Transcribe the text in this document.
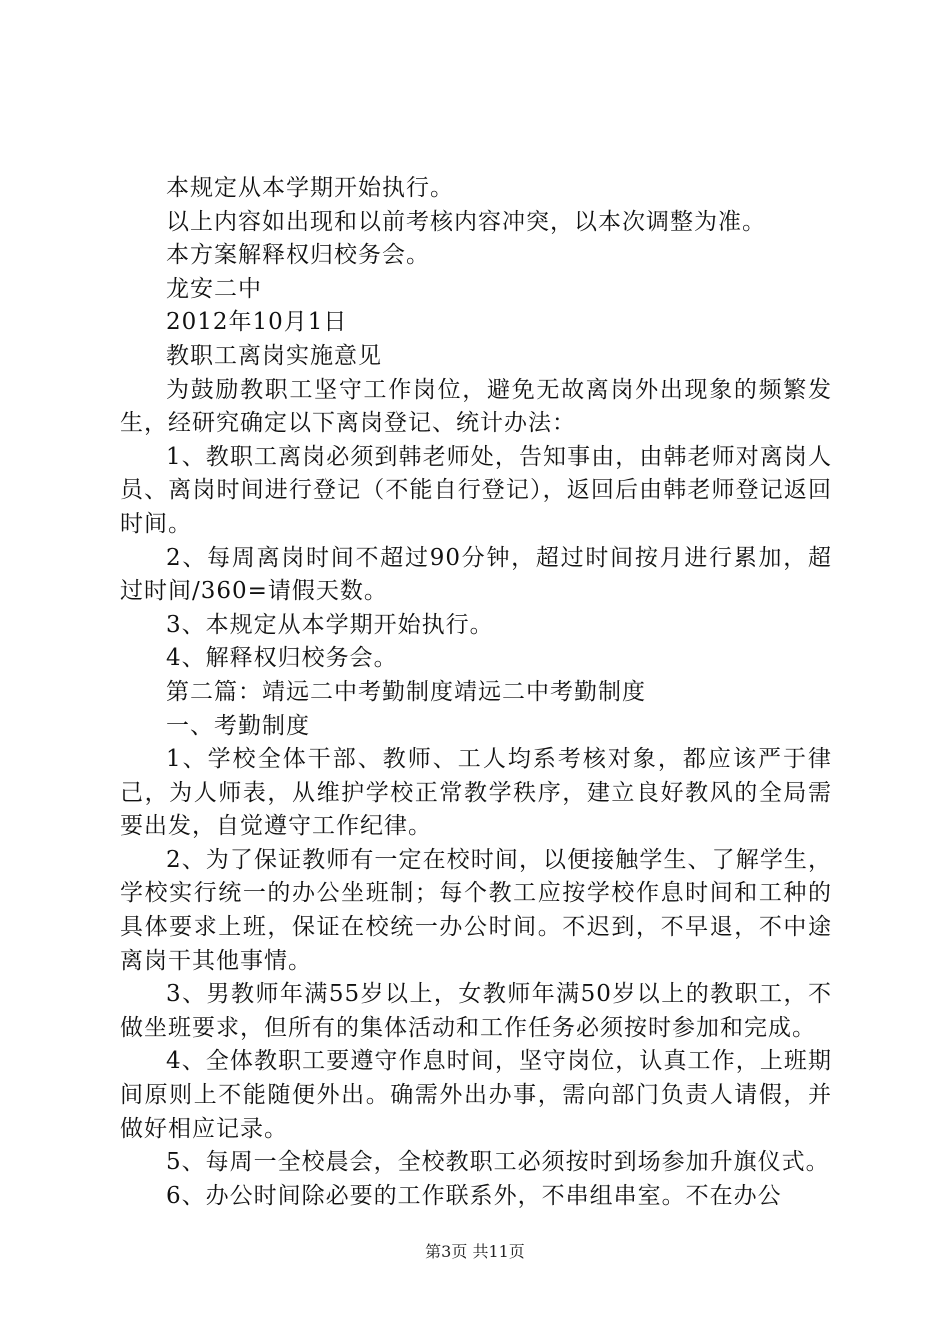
本规定从本学期开始执行。

以上内容如出现和以前考核内容冲突，以本次调整为准。

本方案解释权归校务会。

龙安二中

2012年10月1日

教职工离岗实施意见

为鼓励教职工坚守工作岗位，避免无故离岗外出现象的频繁发生，经研究确定以下离岗登记、统计办法：

1、教职工离岗必须到韩老师处，告知事由，由韩老师对离岗人员、离岗时间进行登记（不能自行登记），返回后由韩老师登记返回时间。

2、每周离岗时间不超过90分钟，超过时间按月进行累加，超过时间/360=请假天数。

3、本规定从本学期开始执行。

4、解释权归校务会。

第二篇：靖远二中考勤制度靖远二中考勤制度

一、考勤制度

1、学校全体干部、教师、工人均系考核对象，都应该严于律己，为人师表，从维护学校正常教学秩序，建立良好教风的全局需要出发，自觉遵守工作纪律。

2、为了保证教师有一定在校时间，以便接触学生、了解学生，学校实行统一的办公坐班制；每个教工应按学校作息时间和工种的具体要求上班，保证在校统一办公时间。不迟到，不早退，不中途离岗干其他事情。

3、男教师年满55岁以上，女教师年满50岁以上的教职工，不做坐班要求，但所有的集体活动和工作任务必须按时参加和完成。

4、全体教职工要遵守作息时间，坚守岗位，认真工作，上班期间原则上不能随便外出。确需外出办事，需向部门负责人请假，并做好相应记录。

5、每周一全校晨会，全校教职工必须按时到场参加升旗仪式。

6、办公时间除必要的工作联系外，不串组串室。不在办公

第3页 共11页
